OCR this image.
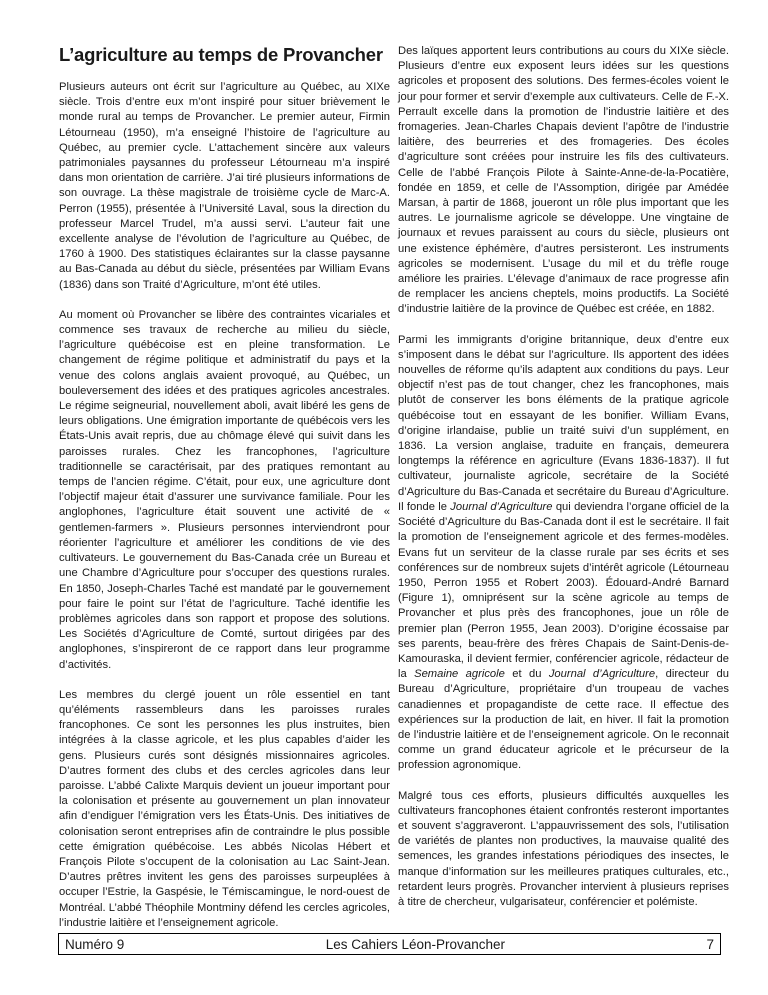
L’agriculture au temps de Provancher

Plusieurs auteurs ont écrit sur l’agriculture au Québec, au XIXe siècle. Trois d’entre eux m’ont inspiré pour situer brièvement le monde rural au temps de Provancher. Le premier auteur, Firmin Létourneau (1950), m’a enseigné l’histoire de l’agriculture au Québec, au premier cycle. L’attachement sincère aux valeurs patrimoniales paysannes du professeur Létourneau m’a inspiré dans mon orientation de carrière. J’ai tiré plusieurs informations de son ouvrage. La thèse magistrale de troisième cycle de Marc-A. Perron (1955), présentée à l’Université Laval, sous la direction du professeur Marcel Trudel, m’a aussi servi. L’auteur fait une excellente analyse de l’évolution de l’agriculture au Québec, de 1760 à 1900. Des statistiques éclairantes sur la classe paysanne au Bas-Canada au début du siècle, présentées par William Evans (1836) dans son Traité d’Agriculture, m’ont été utiles.

Au moment où Provancher se libère des contraintes vicariales et commence ses travaux de recherche au milieu du siècle, l’agriculture québécoise est en pleine transformation. Le changement de régime politique et administratif du pays et la venue des colons anglais avaient provoqué, au Québec, un bouleversement des idées et des pratiques agricoles ancestrales. Le régime seigneurial, nouvellement aboli, avait libéré les gens de leurs obligations. Une émigration importante de québécois vers les États-Unis avait repris, due au chômage élevé qui suivit dans les paroisses rurales. Chez les francophones, l’agriculture traditionnelle se caractérisait, par des pratiques remontant au temps de l’ancien régime. C’était, pour eux, une agriculture dont l’objectif majeur était d’assurer une survivance familiale. Pour les anglophones, l’agriculture était souvent une activité de « gentlemen-farmers ». Plusieurs personnes interviendront pour réorienter l’agriculture et améliorer les conditions de vie des cultivateurs. Le gouvernement du Bas-Canada crée un Bureau et une Chambre d’Agriculture pour s’occuper des questions rurales. En 1850, Joseph-Charles Taché est mandaté par le gouvernement pour faire le point sur l’état de l’agriculture. Taché identifie les problèmes agricoles dans son rapport et propose des solutions. Les Sociétés d’Agriculture de Comté, surtout dirigées par des anglophones, s’inspireront de ce rapport dans leur programme d’activités.

Les membres du clergé jouent un rôle essentiel en tant qu’éléments rassembleurs dans les paroisses rurales francophones. Ce sont les personnes les plus instruites, bien intégrées à la classe agricole, et les plus capables d’aider les gens. Plusieurs curés sont désignés missionnaires agricoles. D’autres forment des clubs et des cercles agricoles dans leur paroisse. L’abbé Calixte Marquis devient un joueur important pour la colonisation et présente au gouvernement un plan innovateur afin d’endiguer l’émigration vers les États-Unis. Des initiatives de colonisation seront entreprises afin de contraindre le plus possible cette émigration québécoise. Les abbés Nicolas Hébert et François Pilote s’occupent de la colonisation au Lac Saint-Jean. D’autres prêtres invitent les gens des paroisses surpeuplées à occuper l’Estrie, la Gaspésie, le Témiscamingue, le nord-ouest de Montréal. L’abbé Théophile Montminy défend les cercles agricoles, l’industrie laitière et l’enseignement agricole.

Des laïques apportent leurs contributions au cours du XIXe siècle. Plusieurs d’entre eux exposent leurs idées sur les questions agricoles et proposent des solutions. Des fermes-écoles voient le jour pour former et servir d’exemple aux cultivateurs. Celle de F.-X. Perrault excelle dans la promotion de l’industrie laitière et des fromageries. Jean-Charles Chapais devient l’apôtre de l’industrie laitière, des beurreries et des fromageries. Des écoles d’agriculture sont créées pour instruire les fils des cultivateurs. Celle de l’abbé François Pilote à Sainte-Anne-de-la-Pocatière, fondée en 1859, et celle de l’Assomption, dirigée par Amédée Marsan, à partir de 1868, joueront un rôle plus important que les autres. Le journalisme agricole se développe. Une vingtaine de journaux et revues paraissent au cours du siècle, plusieurs ont une existence éphémère, d’autres persisteront. Les instruments agricoles se modernisent. L’usage du mil et du trèfle rouge améliore les prairies. L’élevage d’animaux de race progresse afin de remplacer les anciens cheptels, moins productifs. La Société d’industrie laitière de la province de Québec est créée, en 1882.

Parmi les immigrants d’origine britannique, deux d’entre eux s’imposent dans le débat sur l’agriculture. Ils apportent des idées nouvelles de réforme qu’ils adaptent aux conditions du pays. Leur objectif n’est pas de tout changer, chez les francophones, mais plutôt de conserver les bons éléments de la pratique agricole québécoise tout en essayant de les bonifier. William Evans, d’origine irlandaise, publie un traité suivi d’un supplément, en 1836. La version anglaise, traduite en français, demeurera longtemps la référence en agriculture (Evans 1836-1837). Il fut cultivateur, journaliste agricole, secrétaire de la Société d’Agriculture du Bas-Canada et secrétaire du Bureau d’Agriculture. Il fonde le Journal d’Agriculture qui deviendra l’organe officiel de la Société d’Agriculture du Bas-Canada dont il est le secrétaire. Il fait la promotion de l’enseignement agricole et des fermes-modèles. Evans fut un serviteur de la classe rurale par ses écrits et ses conférences sur de nombreux sujets d’intérêt agricole (Létourneau 1950, Perron 1955 et Robert 2003). Édouard-André Barnard (Figure 1), omniprésent sur la scène agricole au temps de Provancher et plus près des francophones, joue un rôle de premier plan (Perron 1955, Jean 2003). D’origine écossaise par ses parents, beau-frère des frères Chapais de Saint-Denis-de-Kamouraska, il devient fermier, conférencier agricole, rédacteur de la Semaine agricole et du Journal d’Agriculture, directeur du Bureau d’Agriculture, propriétaire d’un troupeau de vaches canadiennes et propagandiste de cette race. Il effectue des expériences sur la production de lait, en hiver. Il fait la promotion de l’industrie laitière et de l’enseignement agricole. On le reconnait comme un grand éducateur agricole et le précurseur de la profession agronomique.

Malgré tous ces efforts, plusieurs difficultés auxquelles les cultivateurs francophones étaient confrontés resteront importantes et souvent s’aggraveront. L’appauvrissement des sols, l’utilisation de variétés de plantes non productives, la mauvaise qualité des semences, les grandes infestations périodiques des insectes, le manque d’information sur les meilleures pratiques culturales, etc., retardent leurs progrès. Provancher intervient à plusieurs reprises à titre de chercheur, vulgarisateur, conférencier et polémiste.

Numéro 9	Les Cahiers Léon-Provancher	7
